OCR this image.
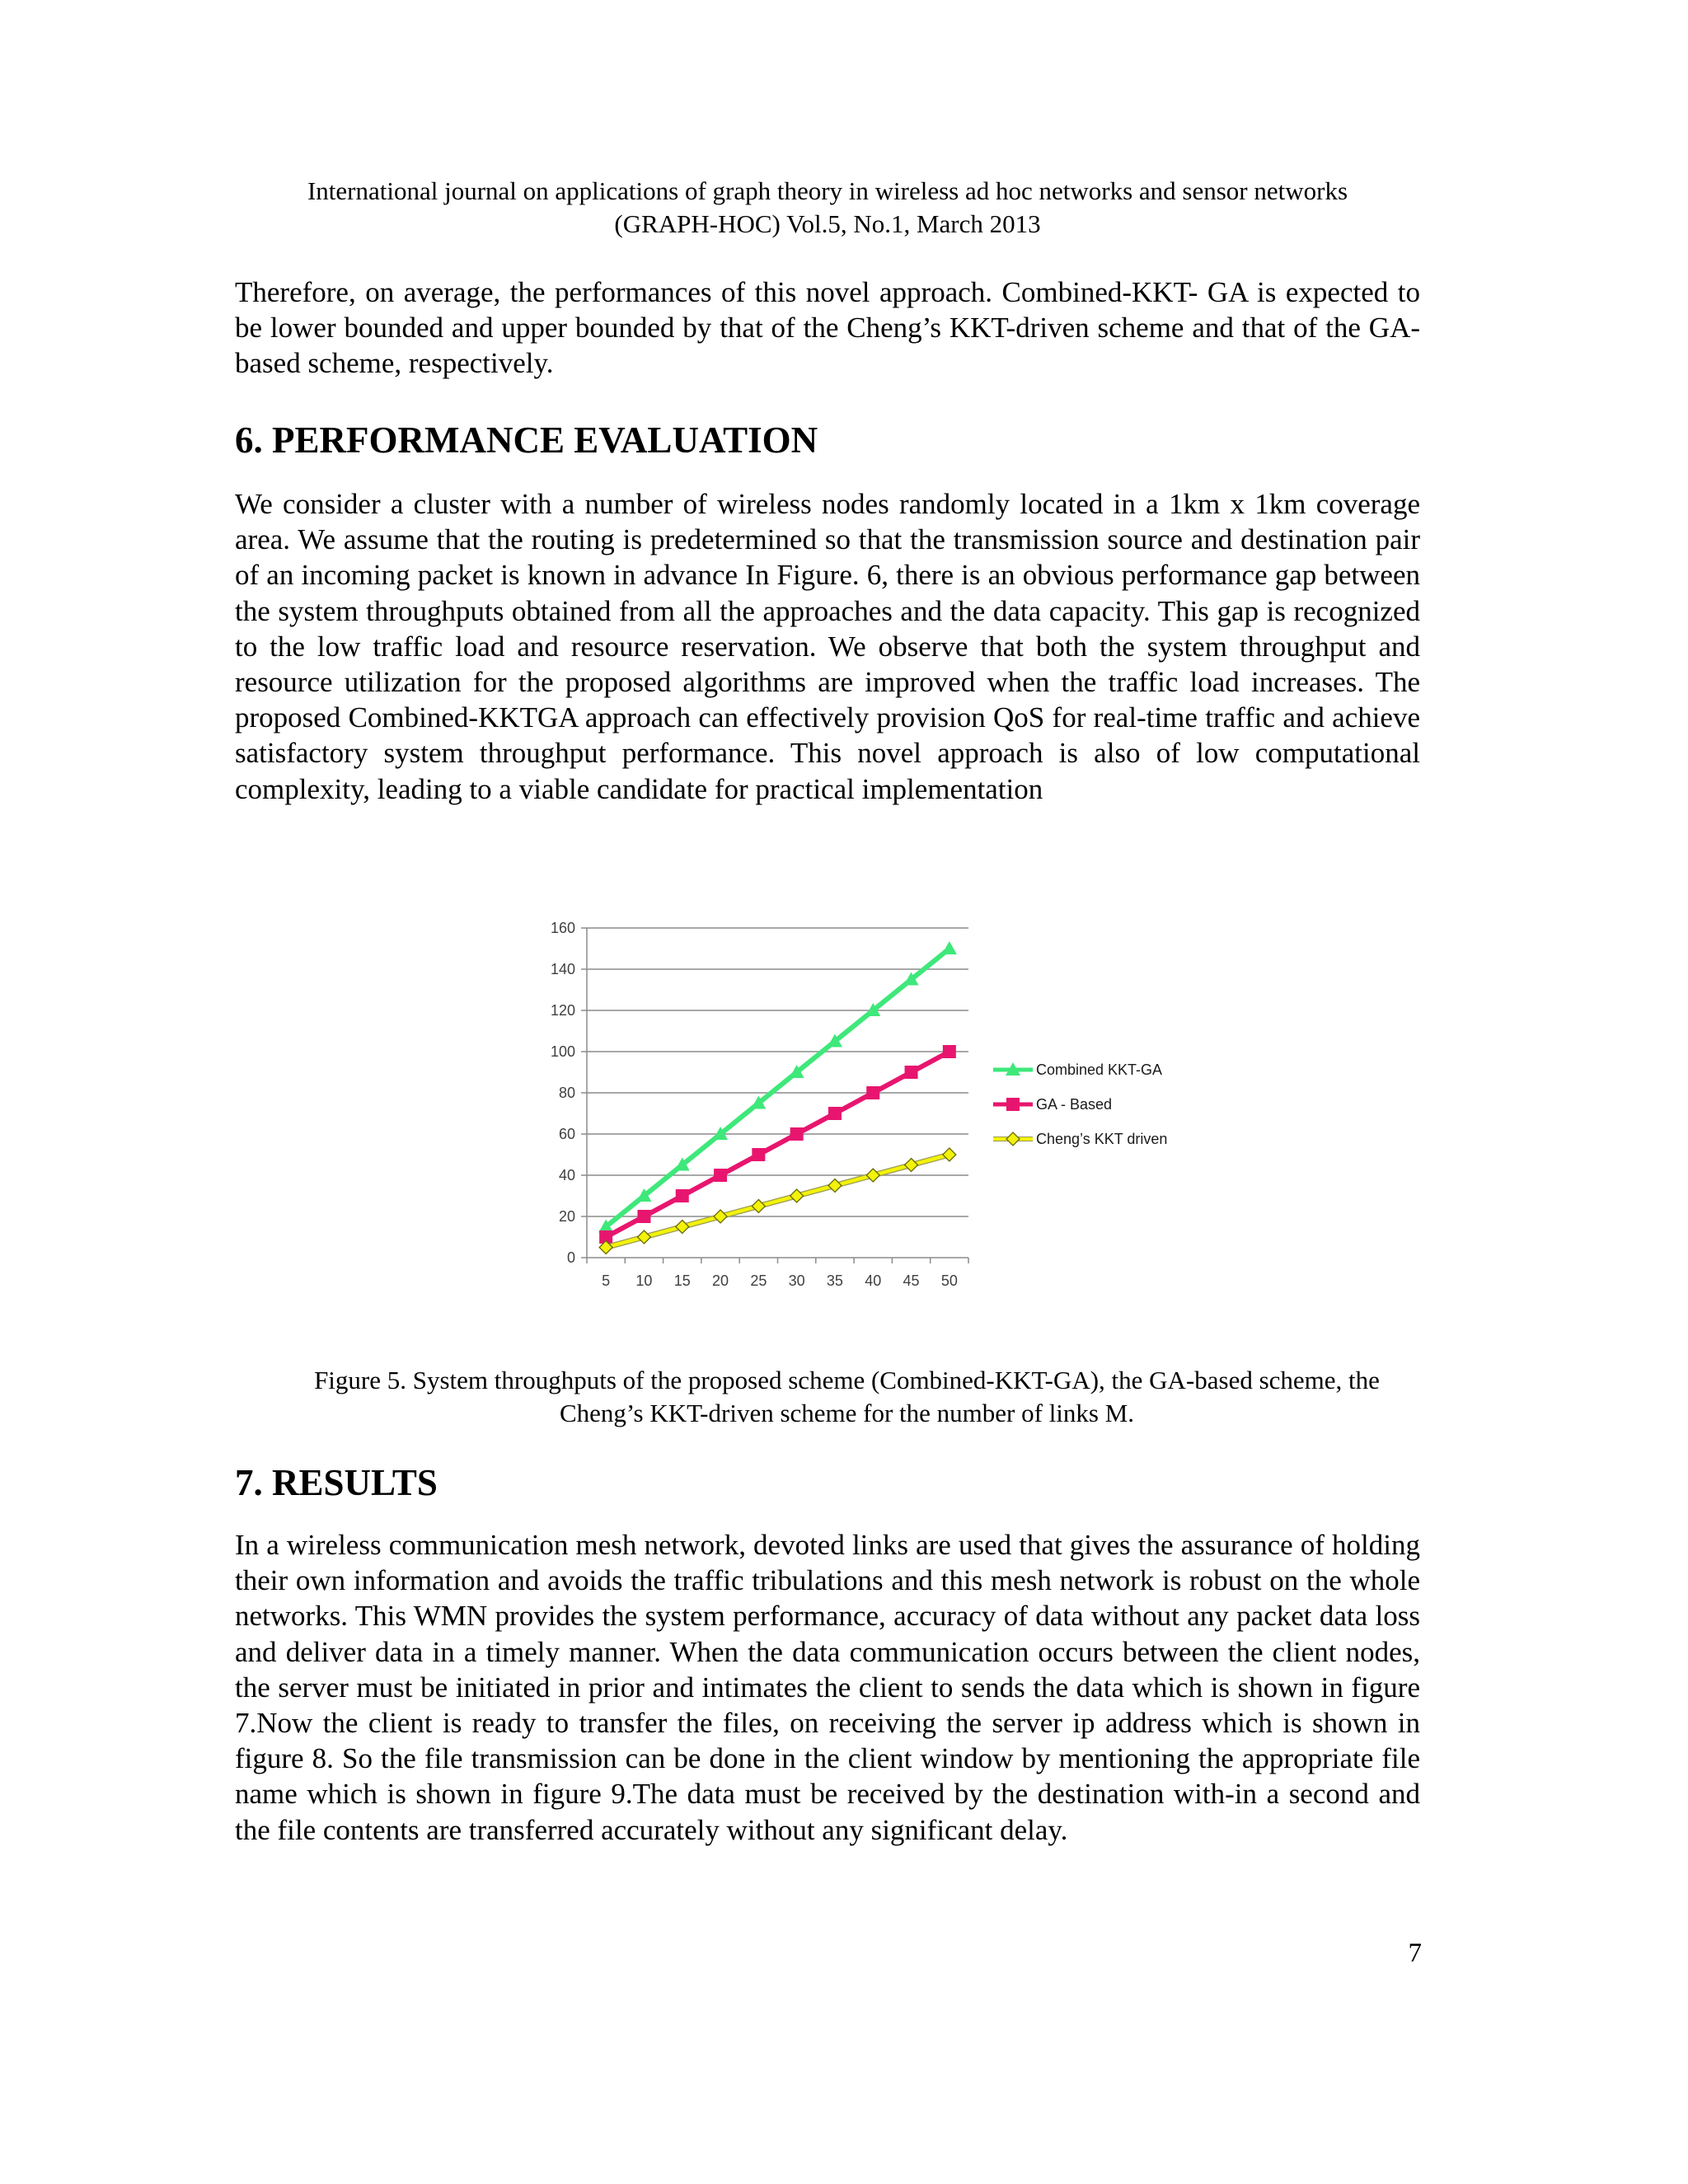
International journal on applications of graph theory in wireless ad hoc networks and sensor networks
(GRAPH-HOC) Vol.5, No.1, March 2013
Therefore, on average, the performances of this novel approach. Combined-KKT- GA is expected to be lower bounded and upper bounded by that of the Cheng’s KKT-driven scheme and that of the GA-based scheme, respectively.
6. PERFORMANCE EVALUATION
We consider a cluster with a number of wireless nodes randomly located in a 1km x 1km coverage area. We assume that the routing is predetermined so that the transmission source and destination pair of an incoming packet is known in advance In Figure. 6, there is an obvious performance gap between the system throughputs obtained from all the approaches and the data capacity. This gap is recognized to the low traffic load and resource reservation. We observe that both the system throughput and resource utilization for the proposed algorithms are improved when the traffic load increases. The proposed Combined-KKTGA approach can effectively provision QoS for real-time traffic and achieve satisfactory system throughput performance. This novel approach is also of low computational complexity, leading to a viable candidate for practical implementation
0
20
40
60
80
100
120
140
160
5 10 15 20 25 30 35 40 45 50
Combined KKT-GA
GA - Based
Cheng’s KKT driven
Figure 5. System throughputs of the proposed scheme (Combined-KKT-GA), the GA-based scheme, the
Cheng’s KKT-driven scheme for the number of links M.
7. RESULTS
In a wireless communication mesh network, devoted links are used that gives the assurance of holding their own information and avoids the traffic tribulations and this mesh network is robust on the whole networks. This WMN provides the system performance, accuracy of data without any packet data loss and deliver data in a timely manner. When the data communication occurs between the client nodes, the server must be initiated in prior and intimates the client to sends the data which is shown in figure 7.Now the client is ready to transfer the files, on receiving the server ip address which is shown in figure 8. So the file transmission can be done in the client window by mentioning the appropriate file name which is shown in figure 9.The data must be received by the destination with-in a second and the file contents are transferred accurately without any significant delay.
7
